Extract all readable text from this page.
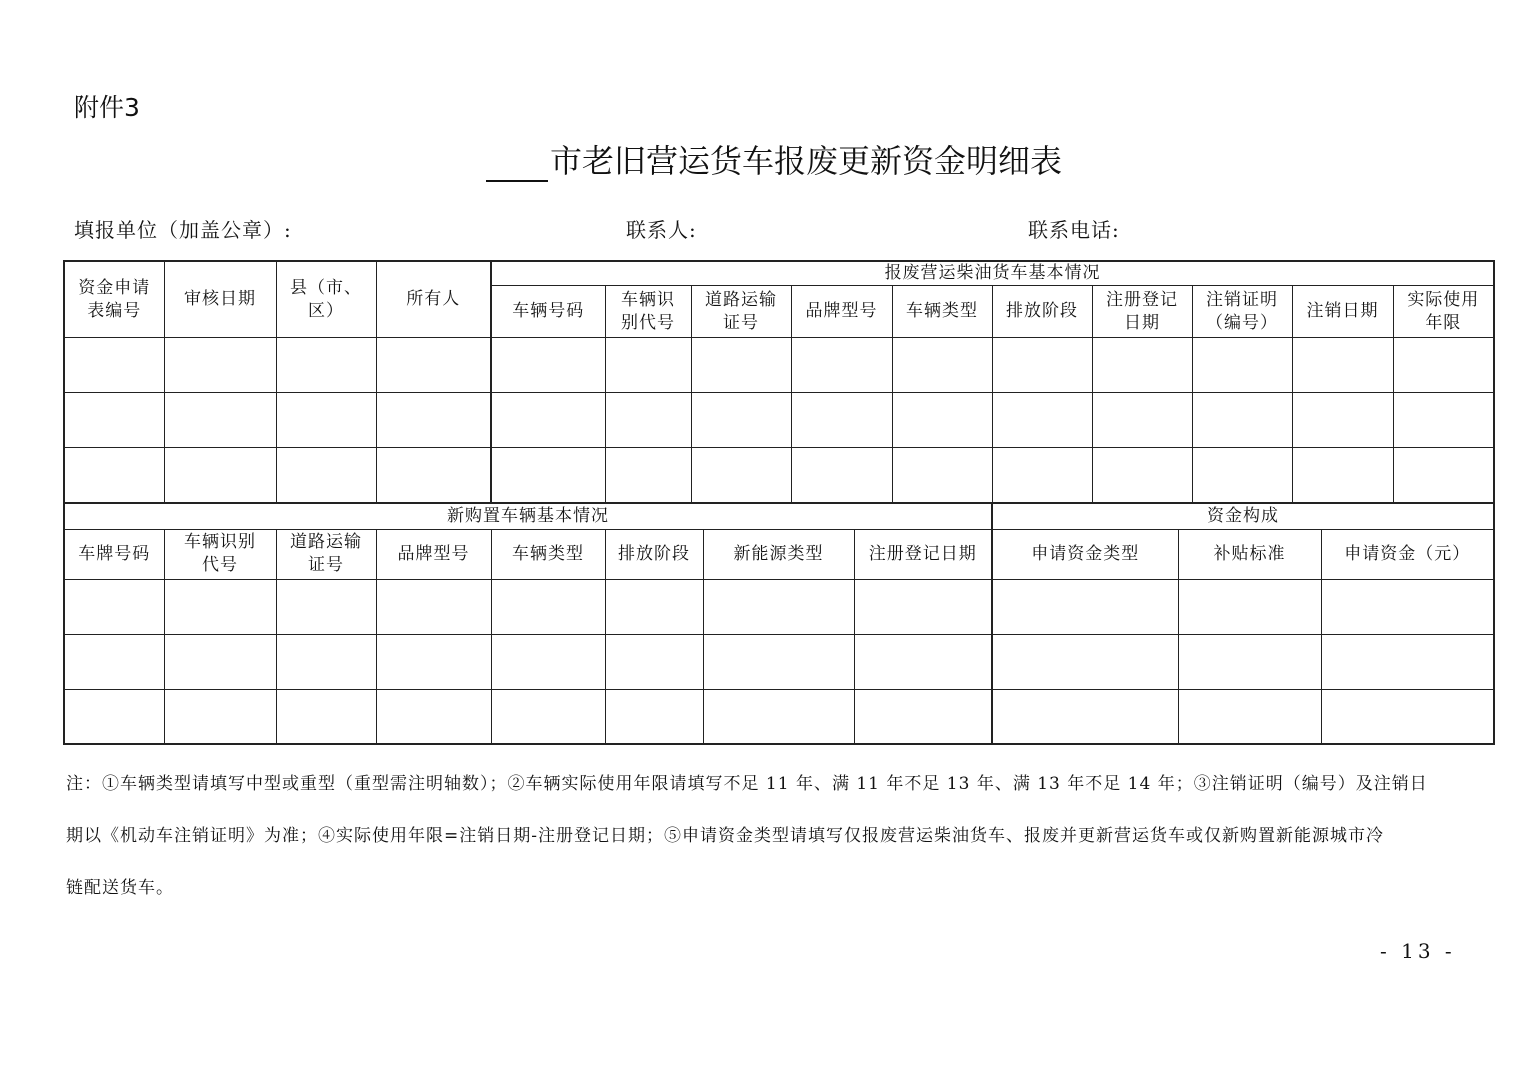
附件3
市老旧营运货车报废更新资金明细表
填报单位（加盖公章）:	联系人:	联系电话:
资金申请表编号	审核日期	县（市、区）	所有人	报废营运柴油货车基本情况									
				车辆号码	车辆识别代号	道路运输证号	品牌型号	车辆类型	排放阶段	注册登记日期	注销证明（编号）	注销日期	实际使用年限

新购置车辆基本情况								资金构成		
车牌号码	车辆识别代号	道路运输证号	品牌型号	车辆类型	排放阶段	新能源类型	注册登记日期	申请资金类型	补贴标准	申请资金（元）

注：①车辆类型请填写中型或重型（重型需注明轴数）；②车辆实际使用年限请填写不足 11 年、满 11 年不足 13 年、满 13 年不足 14 年；③注销证明（编号）及注销日
期以《机动车注销证明》为准；④实际使用年限=注销日期-注册登记日期；⑤申请资金类型请填写仅报废营运柴油货车、报废并更新营运货车或仅新购置新能源城市冷
链配送货车。
- 13 -
